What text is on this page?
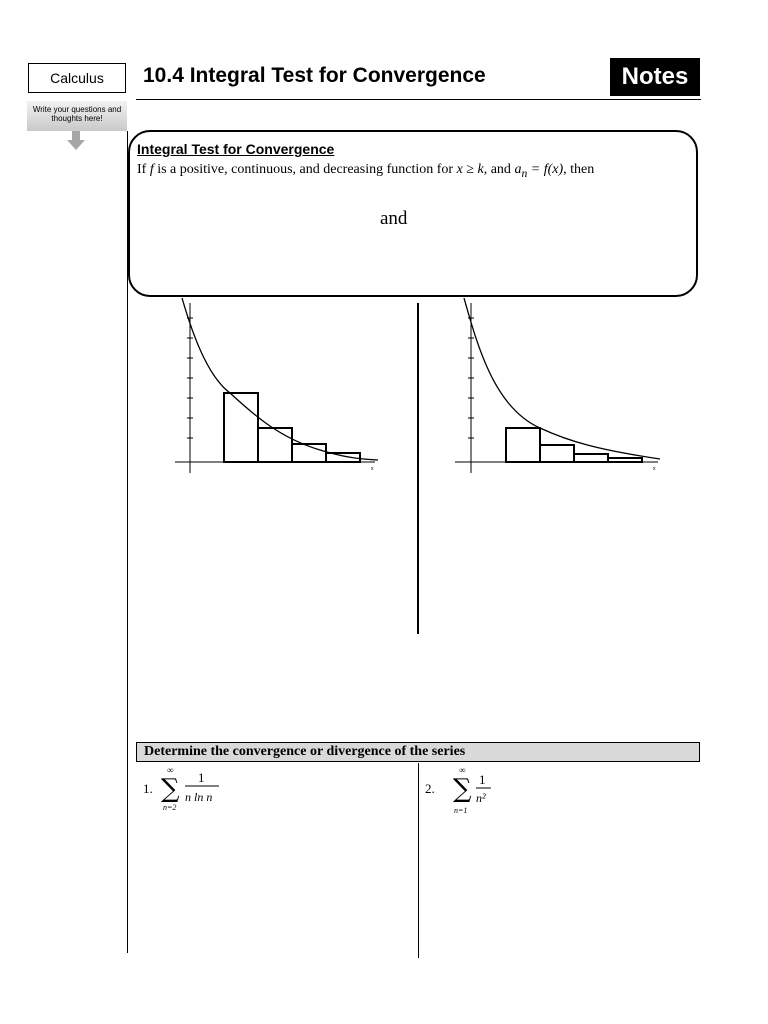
Calculus
Write your questions and thoughts here!
10.4 Integral Test for Convergence	Notes
Integral Test for Convergence
If f is a positive, continuous, and decreasing function for x ≥ k, and $a_n = f(x)$, then
and
x	x
Determine the convergence or divergence of the series
1.
∞
∑
n=2
1
n ln n
2.
∞
∑
n=1
1
n²
